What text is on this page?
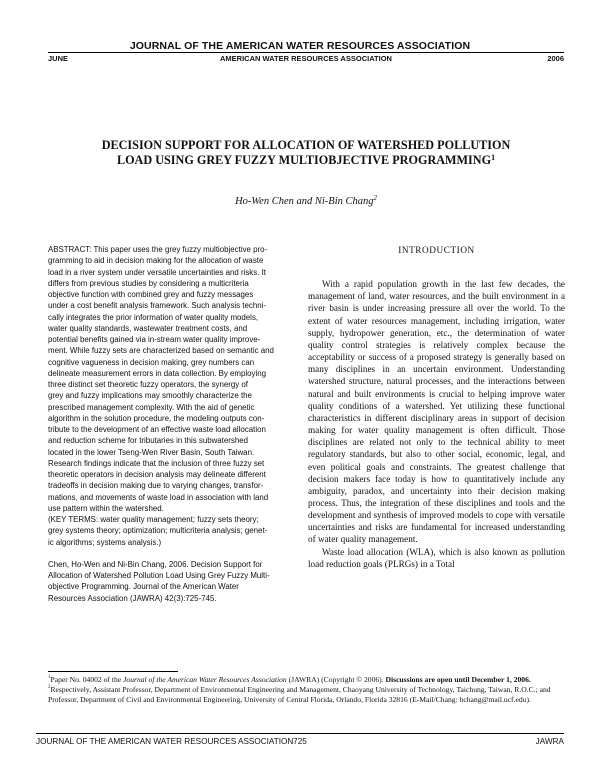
JOURNAL OF THE AMERICAN WATER RESOURCES ASSOCIATION
JUNE	AMERICAN WATER RESOURCES ASSOCIATION	2006
DECISION SUPPORT FOR ALLOCATION OF WATERSHED POLLUTION
LOAD USING GREY FUZZY MULTIOBJECTIVE PROGRAMMING$^1$
Ho-Wen Chen and Ni-Bin Chang$^2$

ABSTRACT: This paper uses the grey fuzzy multiobjective pro-

gramming to aid in decision making for the allocation of waste

load in a river system under versatile uncertainties and risks. It

differs from previous studies by considering a multicriteria

objective function with combined grey and fuzzy messages

under a cost benefit analysis framework. Such analysis techni-

cally integrates the prior information of water quality models,

water quality standards, wastewater treatment costs, and

potential benefits gained via in-stream water quality improve-

ment. While fuzzy sets are characterized based on semantic and

cognitive vagueness in decision making, grey numbers can

delineate measurement errors in data collection. By employing

three distinct set theoretic fuzzy operators, the synergy of

grey and fuzzy implications may smoothly characterize the

prescribed management complexity. With the aid of genetic

algorithm in the solution procedure, the modeling outputs con-

tribute to the development of an effective waste load allocation

and reduction scheme for tributaries in this subwatershed

located in the lower Tseng-Wen River Basin, South Taiwan.

Research findings indicate that the inclusion of three fuzzy set

theoretic operators in decision analysis may delineate different

tradeoffs in decision making due to varying changes, transfor-

mations, and movements of waste load in association with land

use pattern within the watershed.

(KEY TERMS: water quality management; fuzzy sets theory;

grey systems theory; optimization; multicriteria analysis; genet-

ic algorithms; systems analysis.)

Chen, Ho-Wen and Ni-Bin Chang, 2006. Decision Support for

Allocation of Watershed Pollution Load Using Grey Fuzzy Multi-

objective Programming. Journal of the American Water

Resources Association (JAWRA) 42(3):725-745.

INTRODUCTION

With a rapid population growth in the last few decades, the management of land, water resources, and the built environment in a river basin is under increasing pressure all over the world. To the extent of water resources management, including irrigation, water supply, hydropower generation, etc., the determination of water quality control strategies is relatively complex because the acceptability or success of a proposed strategy is generally based on many disciplines in an uncertain environment. Understanding watershed structure, natural processes, and the interactions between natural and built environments is crucial to helping improve water quality conditions of a watershed. Yet utilizing these functional characteristics in different disciplinary areas in support of decision making for water quality management is often difficult. Those disciplines are related not only to the technical ability to meet regulatory standards, but also to other social, economic, legal, and even political goals and constraints. The greatest challenge that decision makers face today is how to quantitatively include any ambiguity, paradox, and uncertainty into their decision making process. Thus, the integration of these disciplines and tools and the development and synthesis of improved models to cope with versatile uncertainties and risks are fundamental for increased understanding of water quality management.

Waste load allocation (WLA), which is also known as pollution load reduction goals (PLRGs) in a Total

$^1$Paper No. 04002 of the Journal of the American Water Resources Association (JAWRA) (Copyright © 2006). Discussions are open until December 1, 2006.

$^2$Respectively, Assistant Professor, Department of Environmental Engineering and Management, Chaoyang University of Technology, Taichung, Taiwan, R.O.C.; and Professor, Department of Civil and Environmental Engineering, University of Central Florida, Orlando, Florida 32816 (E-Mail/Chang: hchang@mail.ucf.edu).

JOURNAL OF THE AMERICAN WATER RESOURCES ASSOCIATION 725	JAWRA
